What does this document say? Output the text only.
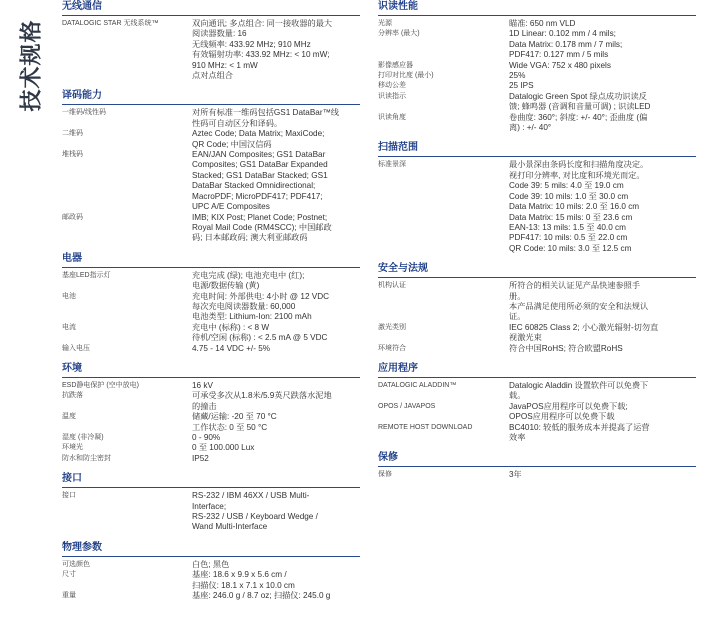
技术规格
无线通信
DATALOGIC STAR 无线系统™	双向通讯; 多点组合: 同一接收器的最大
阅读器数量: 16
无线频率: 433.92 MHz; 910 MHz
有效辐射功率: 433.92 MHz: < 10 mW;
910 MHz: < 1 mW
点对点组合
译码能力
一维码/线性码	对所有标准一维码包括GS1 DataBar™线
性码可自动区分和译码。
二维码	Aztec Code; Data Matrix; MaxiCode;
QR Code; 中国汉信码
堆栈码	EAN/JAN Composites; GS1 DataBar
Composites; GS1 DataBar Expanded
Stacked; GS1 DataBar Stacked; GS1
DataBar Stacked Omnidirectional;
MacroPDF; MicroPDF417; PDF417;
UPC A/E Composites
邮政码	IMB; KIX Post; Planet Code; Postnet;
Royal Mail Code (RM4SCC); 中国邮政
码; 日本邮政码; 澳大利亚邮政码
电器
基座LED指示灯	充电完成 (绿); 电池充电中 (红);
电源/数据传输 (黄)
电池	充电时间: 外部供电: 4小时 @ 12 VDC
每次充电阅读器数量: 60,000
电池类型: Lithium-Ion: 2100 mAh
电流	充电中 (标称) : < 8 W
待机/空闲 (标称) : < 2.5 mA @ 5 VDC
输入电压	4.75 - 14 VDC +/- 5%
环境
ESD静电保护 (空中放电)	16 kV
抗跌落	可承受多次从1.8米/5.9英尺跌落水泥地
的撞击
温度	储藏/运输: -20 至 70 °C
工作状态: 0 至 50 °C
湿度 (非冷凝)	0 - 90%
环境光	0 至 100.000 Lux
防水和防尘密封	IP52
接口
接口	RS-232 / IBM 46XX / USB Multi-
Interface;
RS-232 / USB / Keyboard Wedge /
Wand Multi-Interface
物理参数
可选颜色	白色; 黑色
尺寸	基座: 18.6 x 9.9 x 5.6 cm /
扫描仪: 18.1 x 7.1 x 10.0 cm
重量	基座: 246.0 g / 8.7 oz; 扫描仪: 245.0 g
识读性能
光源	瞄准: 650 nm VLD
分辨率 (最大)	1D Linear: 0.102 mm / 4 mils;
Data Matrix: 0.178 mm / 7 mils;
PDF417: 0.127 mm / 5 mils
影像感应器	Wide VGA: 752 x 480 pixels
打印对比度 (最小)	25%
移动公差	25 IPS
识读指示	Datalogic Green Spot 绿点成功识读反
馈; 蜂鸣器 (音调和音量可调) ; 识读LED
识读角度	卷曲度: 360°; 斜度: +/- 40°; 歪曲度 (偏
离) : +/- 40°
扫描范围
标准景深	最小景深由条码长度和扫描角度决定。
视打印分辨率, 对比度和环境光而定。
Code 39: 5 mils: 4.0 至 19.0 cm
Code 39: 10 mils: 1.0 至 30.0 cm
Data Matrix: 10 mils: 2.0 至 16.0 cm
Data Matrix: 15 mils: 0 至 23.6 cm
EAN-13: 13 mils: 1.5 至 40.0 cm
PDF417: 10 mils: 0.5 至 22.0 cm
QR Code: 10 mils: 3.0 至 12.5 cm
安全与法规
机构认证	所符合的相关认证见产品快速参照手
册。
本产品满足使用所必须的安全和法规认
证。
激光类别	IEC 60825 Class 2; 小心激光辐射-切勿直
视激光束
环境符合	符合中国RoHS; 符合欧盟RoHS
应用程序
DATALOGIC ALADDIN™	Datalogic Aladdin 设置软件可以免费下
载。
OPOS / JAVAPOS	JavaPOS应用程序可以免费下载;
OPOS应用程序可以免费下载
REMOTE HOST DOWNLOAD	BC4010: 较低的服务成本并提高了运营
效率
保修
保修	3年
